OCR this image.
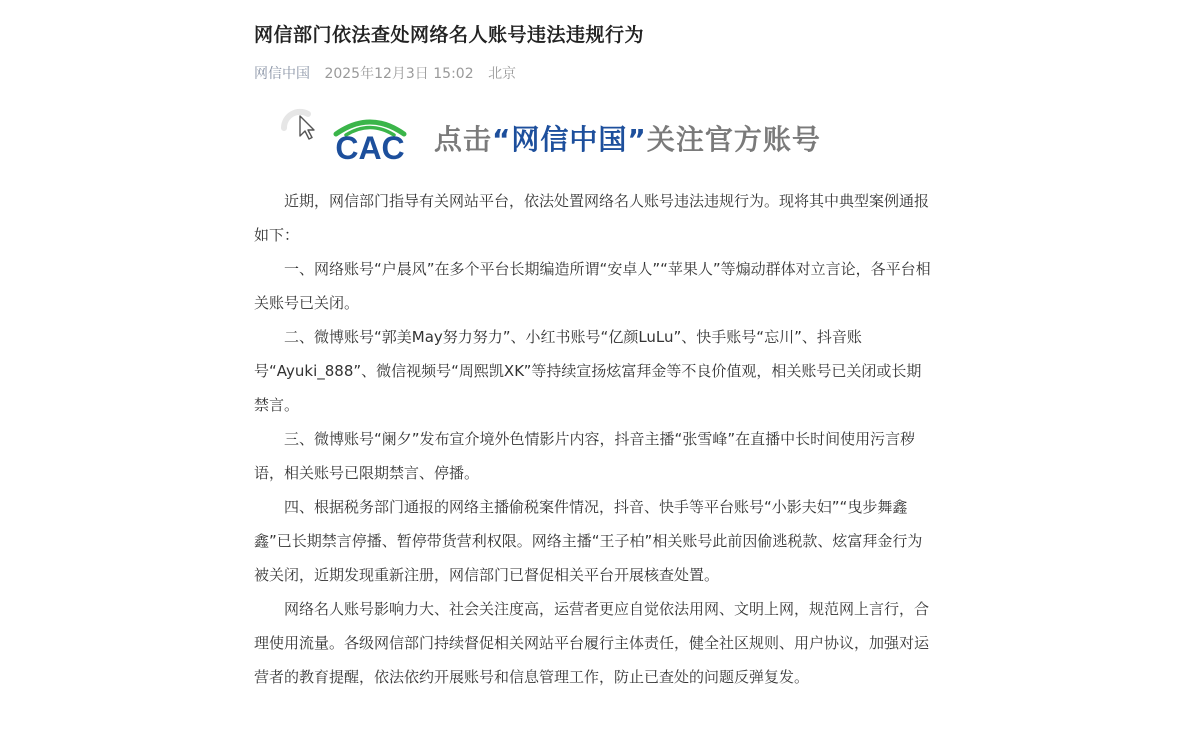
网信部门依法查处网络名人账号违法违规行为
网信中国 2025年12月3日 15:02 北京
CAC 点击“网信中国”关注官方账号

近期，网信部门指导有关网站平台，依法处置网络名人账号违法违规行为。现将其中典型案例通报如下：

一、网络账号“户晨风”在多个平台长期编造所谓“安卓人”“苹果人”等煽动群体对立言论，各平台相关账号已关闭。

二、微博账号“郭美May努力努力”、小红书账号“亿颜LuLu”、快手账号“忘川”、抖音账号“Ayuki_888”、微信视频号“周熙凯XK”等持续宣扬炫富拜金等不良价值观，相关账号已关闭或长期禁言。

三、微博账号“阑夕”发布宣介境外色情影片内容，抖音主播“张雪峰”在直播中长时间使用污言秽语，相关账号已限期禁言、停播。

四、根据税务部门通报的网络主播偷税案件情况，抖音、快手等平台账号“小影夫妇”“曳步舞鑫鑫”已长期禁言停播、暂停带货营利权限。网络主播“王子柏”相关账号此前因偷逃税款、炫富拜金行为被关闭，近期发现重新注册，网信部门已督促相关平台开展核查处置。

网络名人账号影响力大、社会关注度高，运营者更应自觉依法用网、文明上网，规范网上言行，合理使用流量。各级网信部门持续督促相关网站平台履行主体责任，健全社区规则、用户协议，加强对运营者的教育提醒，依法依约开展账号和信息管理工作，防止已查处的问题反弹复发。
